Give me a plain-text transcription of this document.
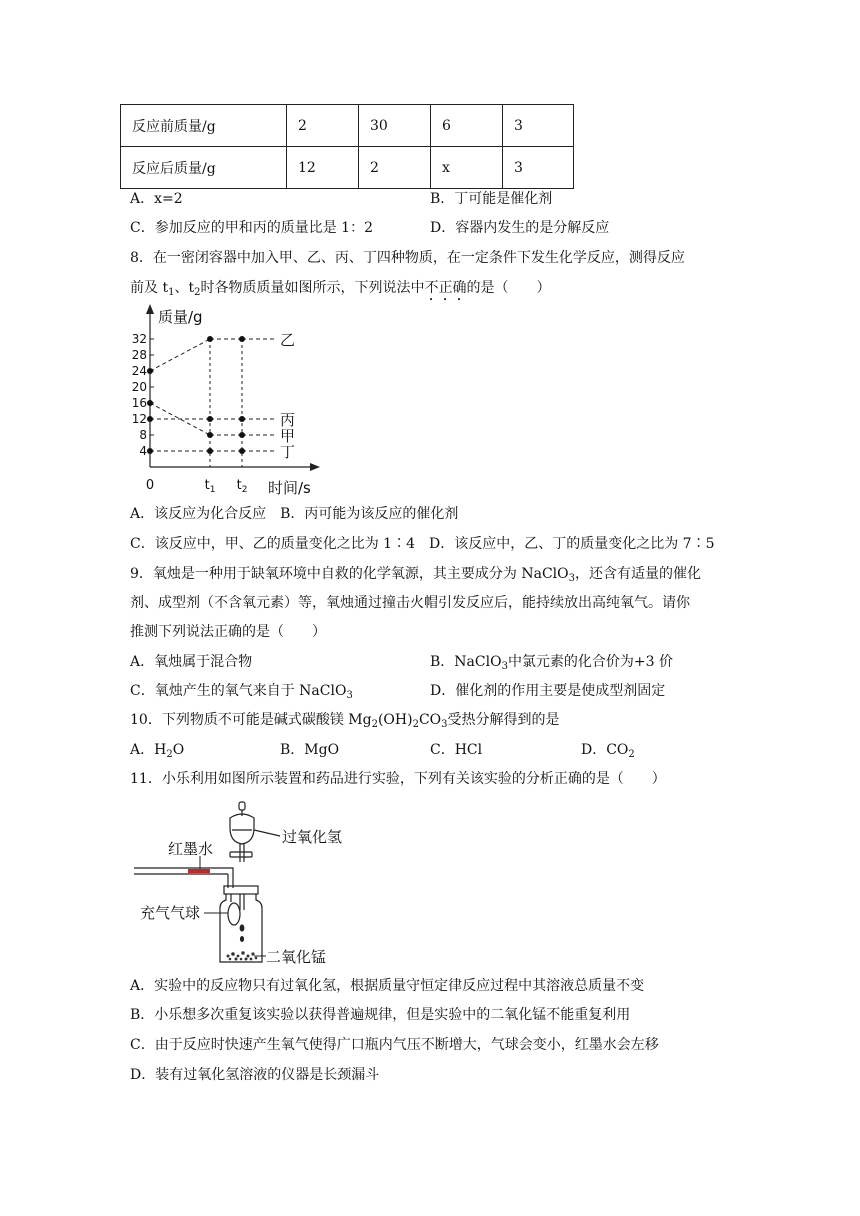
反应前质量/g	2	30	6	3
反应后质量/g	12	2	x	3
A．x=2	B．丁可能是催化剂
C．参加反应的甲和丙的质量比是 1：2	D．容器内发生的是分解反应
8．在一密闭容器中加入甲、乙、丙、丁四种物质，在一定条件下发生化学反应，测得反应
前及 $t_1$、$t_2$时各物质质量如图所示，下列说法中不正确的是（　　）
质量/g
时间/s
4
8
12
16
20
24
28
32
0	$t_1$ $t_2$
乙
丙
甲
丁
A．该反应为化合反应　B．丙可能为该反应的催化剂
C．该反应中，甲、乙的质量变化之比为 1∶4 D．该反应中，乙、丁的质量变化之比为 7∶5
9．氧烛是一种用于缺氧环境中自救的化学氧源，其主要成分为 NaClO$_3$，还含有适量的催化
剂、成型剂（不含氧元素）等，氧烛通过撞击火帽引发反应后，能持续放出高纯氧气。请你
推测下列说法正确的是（　　）
A．氧烛属于混合物	B．NaClO$_3$中氯元素的化合价为+3 价
C．氧烛产生的氧气来自于 NaClO$_3$	D．催化剂的作用主要是使成型剂固定
10．下列物质不可能是碱式碳酸镁 $Mg_2(OH)_2CO_3$受热分解得到的是
A．$H_2O$	B．MgO	C．HCl	D．$CO_2$
11．小乐利用如图所示装置和药品进行实验，下列有关该实验的分析正确的是（　　）
过氧化氢
红墨水
充气气球
二氧化锰
A．实验中的反应物只有过氧化氢，根据质量守恒定律反应过程中其溶液总质量不变
B．小乐想多次重复该实验以获得普遍规律，但是实验中的二氧化锰不能重复利用
C．由于反应时快速产生氧气使得广口瓶内气压不断增大，气球会变小，红墨水会左移
D．装有过氧化氢溶液的仪器是长颈漏斗
